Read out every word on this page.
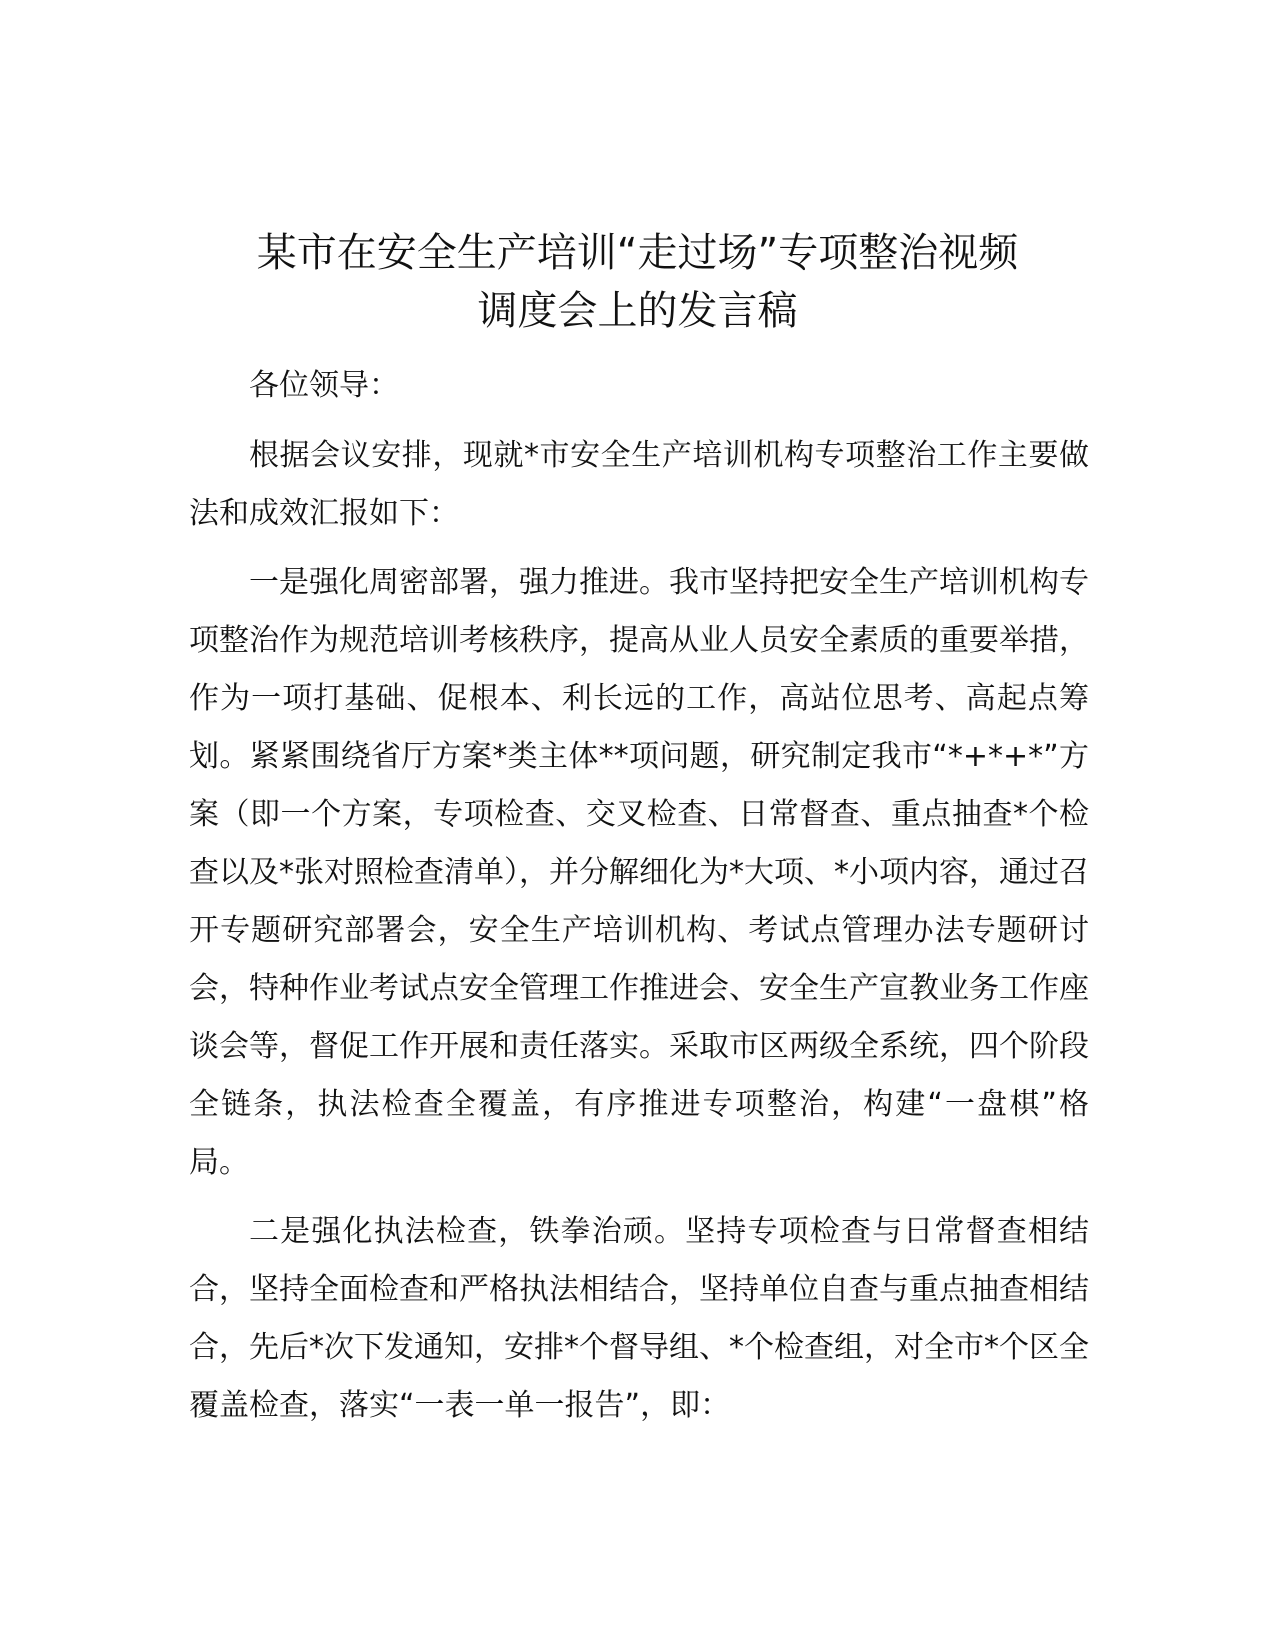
某市在安全生产培训“走过场”专项整治视频
调度会上的发言稿

各位领导：

根据会议安排，现就*市安全生产培训机构专项整治工作主要做法和成效汇报如下：

一是强化周密部署，强力推进。我市坚持把安全生产培训机构专项整治作为规范培训考核秩序，提高从业人员安全素质的重要举措，作为一项打基础、促根本、利长远的工作，高站位思考、高起点筹划。紧紧围绕省厅方案*类主体**项问题，研究制定我市“*+*+*”方案（即一个方案，专项检查、交叉检查、日常督查、重点抽查*个检查以及*张对照检查清单），并分解细化为*大项、*小项内容，通过召开专题研究部署会，安全生产培训机构、考试点管理办法专题研讨会，特种作业考试点安全管理工作推进会、安全生产宣教业务工作座谈会等，督促工作开展和责任落实。采取市区两级全系统，四个阶段全链条，执法检查全覆盖，有序推进专项整治，构建“一盘棋”格局。

二是强化执法检查，铁拳治顽。坚持专项检查与日常督查相结合，坚持全面检查和严格执法相结合，坚持单位自查与重点抽查相结合，先后*次下发通知，安排*个督导组、*个检查组，对全市*个区全覆盖检查，落实“一表一单一报告”，即：
